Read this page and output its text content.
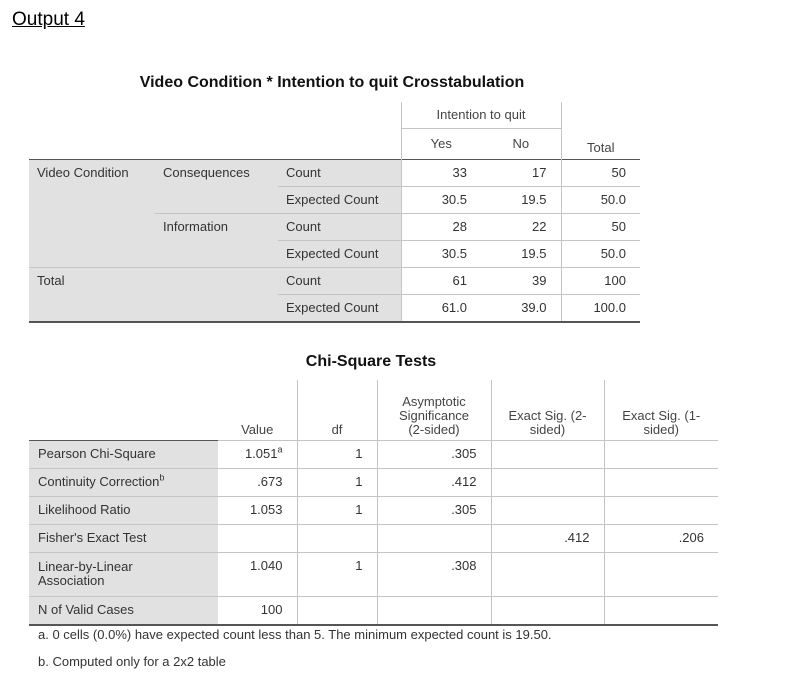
Output 4
Video Condition * Intention to quit Crosstabulation
			Intention to quit		
			Yes	No	Total
Video Condition	Consequences	Count	33	17	50
		Expected Count	30.5	19.5	50.0
	Information	Count	28	22	50
		Expected Count	30.5	19.5	50.0
Total		Count	61	39	100
		Expected Count	61.0	39.0	100.0
Chi-Square Tests
	Value	df	Asymptotic Significance (2-sided)	Exact Sig. (2-sided)	Exact Sig. (1-sided)

Pearson Chi-Square	1.051$^a$	1	.305		
Continuity Correction$^b$	.673	1	.412		
Likelihood Ratio	1.053	1	.305		
Fisher's Exact Test				.412	.206

Linear-by-Linear Association	1.040	1	.308		
N of Valid Cases	100				
a. 0 cells (0.0%) have expected count less than 5. The minimum expected count is 19.50.
b. Computed only for a 2x2 table
